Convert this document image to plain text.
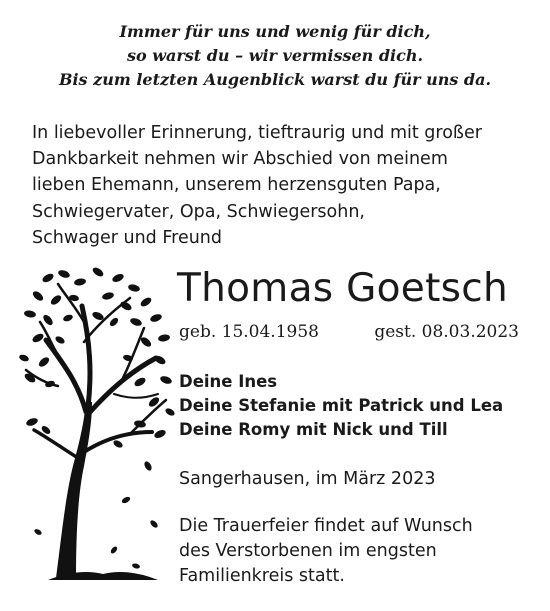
Immer für uns und wenig für dich,
so warst du – wir vermissen dich.
Bis zum letzten Augenblick warst du für uns da.
In liebevoller Erinnerung, tieftraurig und mit großer
Dankbarkeit nehmen wir Abschied von meinem
lieben Ehemann, unserem herzensguten Papa,
Schwiegervater, Opa, Schwiegersohn,
Schwager und Freund
Thomas Goetsch
geb. 15.04.1958	gest. 08.03.2023
Deine Ines
Deine Stefanie mit Patrick und Lea
Deine Romy mit Nick und Till
Sangerhausen, im März 2023
Die Trauerfeier findet auf Wunsch
des Verstorbenen im engsten
Familienkreis statt.
